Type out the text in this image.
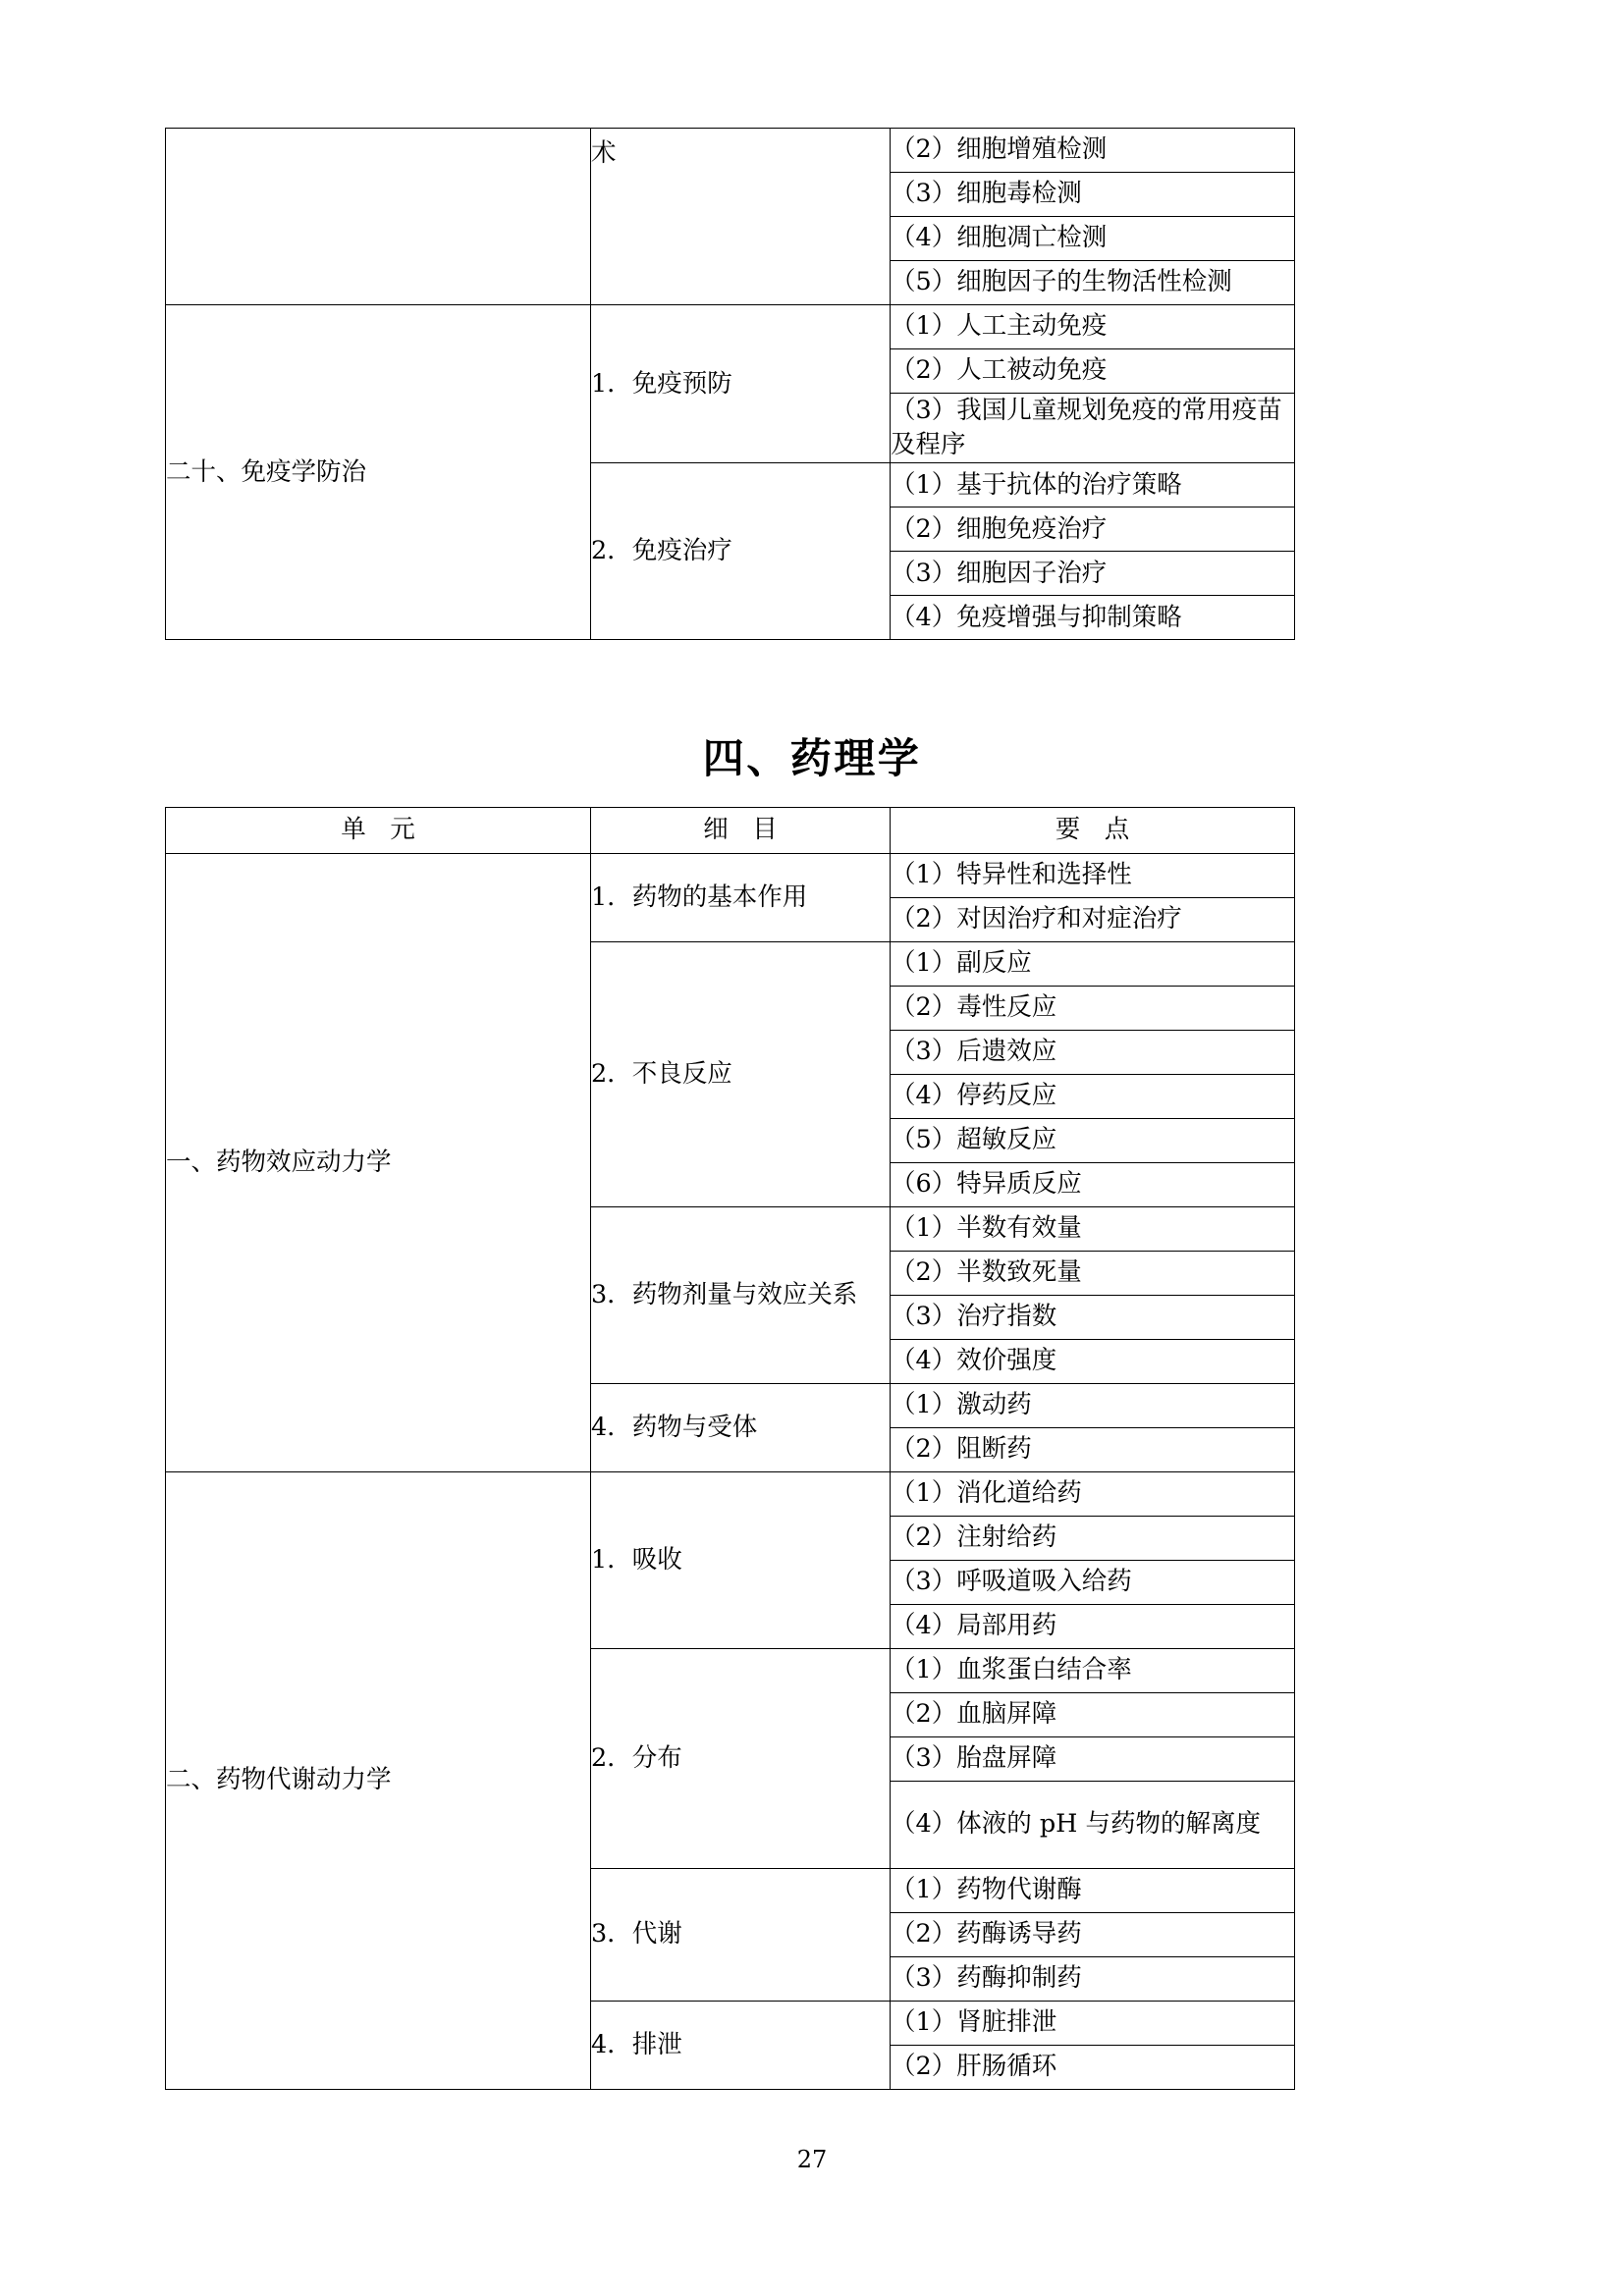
	术	（2）细胞增殖检测
		（3）细胞毒检测
		（4）细胞凋亡检测
		（5）细胞因子的生物活性检测
二十、免疫学防治	1．免疫预防	（1）人工主动免疫
		（2）人工被动免疫
		（3）我国儿童规划免疫的常用疫苗及程序
	2．免疫治疗	（1）基于抗体的治疗策略
		（2）细胞免疫治疗
		（3）细胞因子治疗
		（4）免疫增强与抑制策略
四、药理学
单 元	细 目	要 点
一、药物效应动力学	1．药物的基本作用	（1）特异性和选择性
		（2）对因治疗和对症治疗
	2．不良反应	（1）副反应
		（2）毒性反应
		（3）后遗效应
		（4）停药反应
		（5）超敏反应
		（6）特异质反应
	3．药物剂量与效应关系	（1）半数有效量
		（2）半数致死量
		（3）治疗指数
		（4）效价强度
	4．药物与受体	（1）激动药
		（2）阻断药
二、药物代谢动力学	1．吸收	（1）消化道给药
		（2）注射给药
		（3）呼吸道吸入给药
		（4）局部用药
	2．分布	（1）血浆蛋白结合率
		（2）血脑屏障
		（3）胎盘屏障
		（4）体液的 pH 与药物的解离度
	3．代谢	（1）药物代谢酶
		（2）药酶诱导药
		（3）药酶抑制药
	4．排泄	（1）肾脏排泄
		（2）肝肠循环
27
